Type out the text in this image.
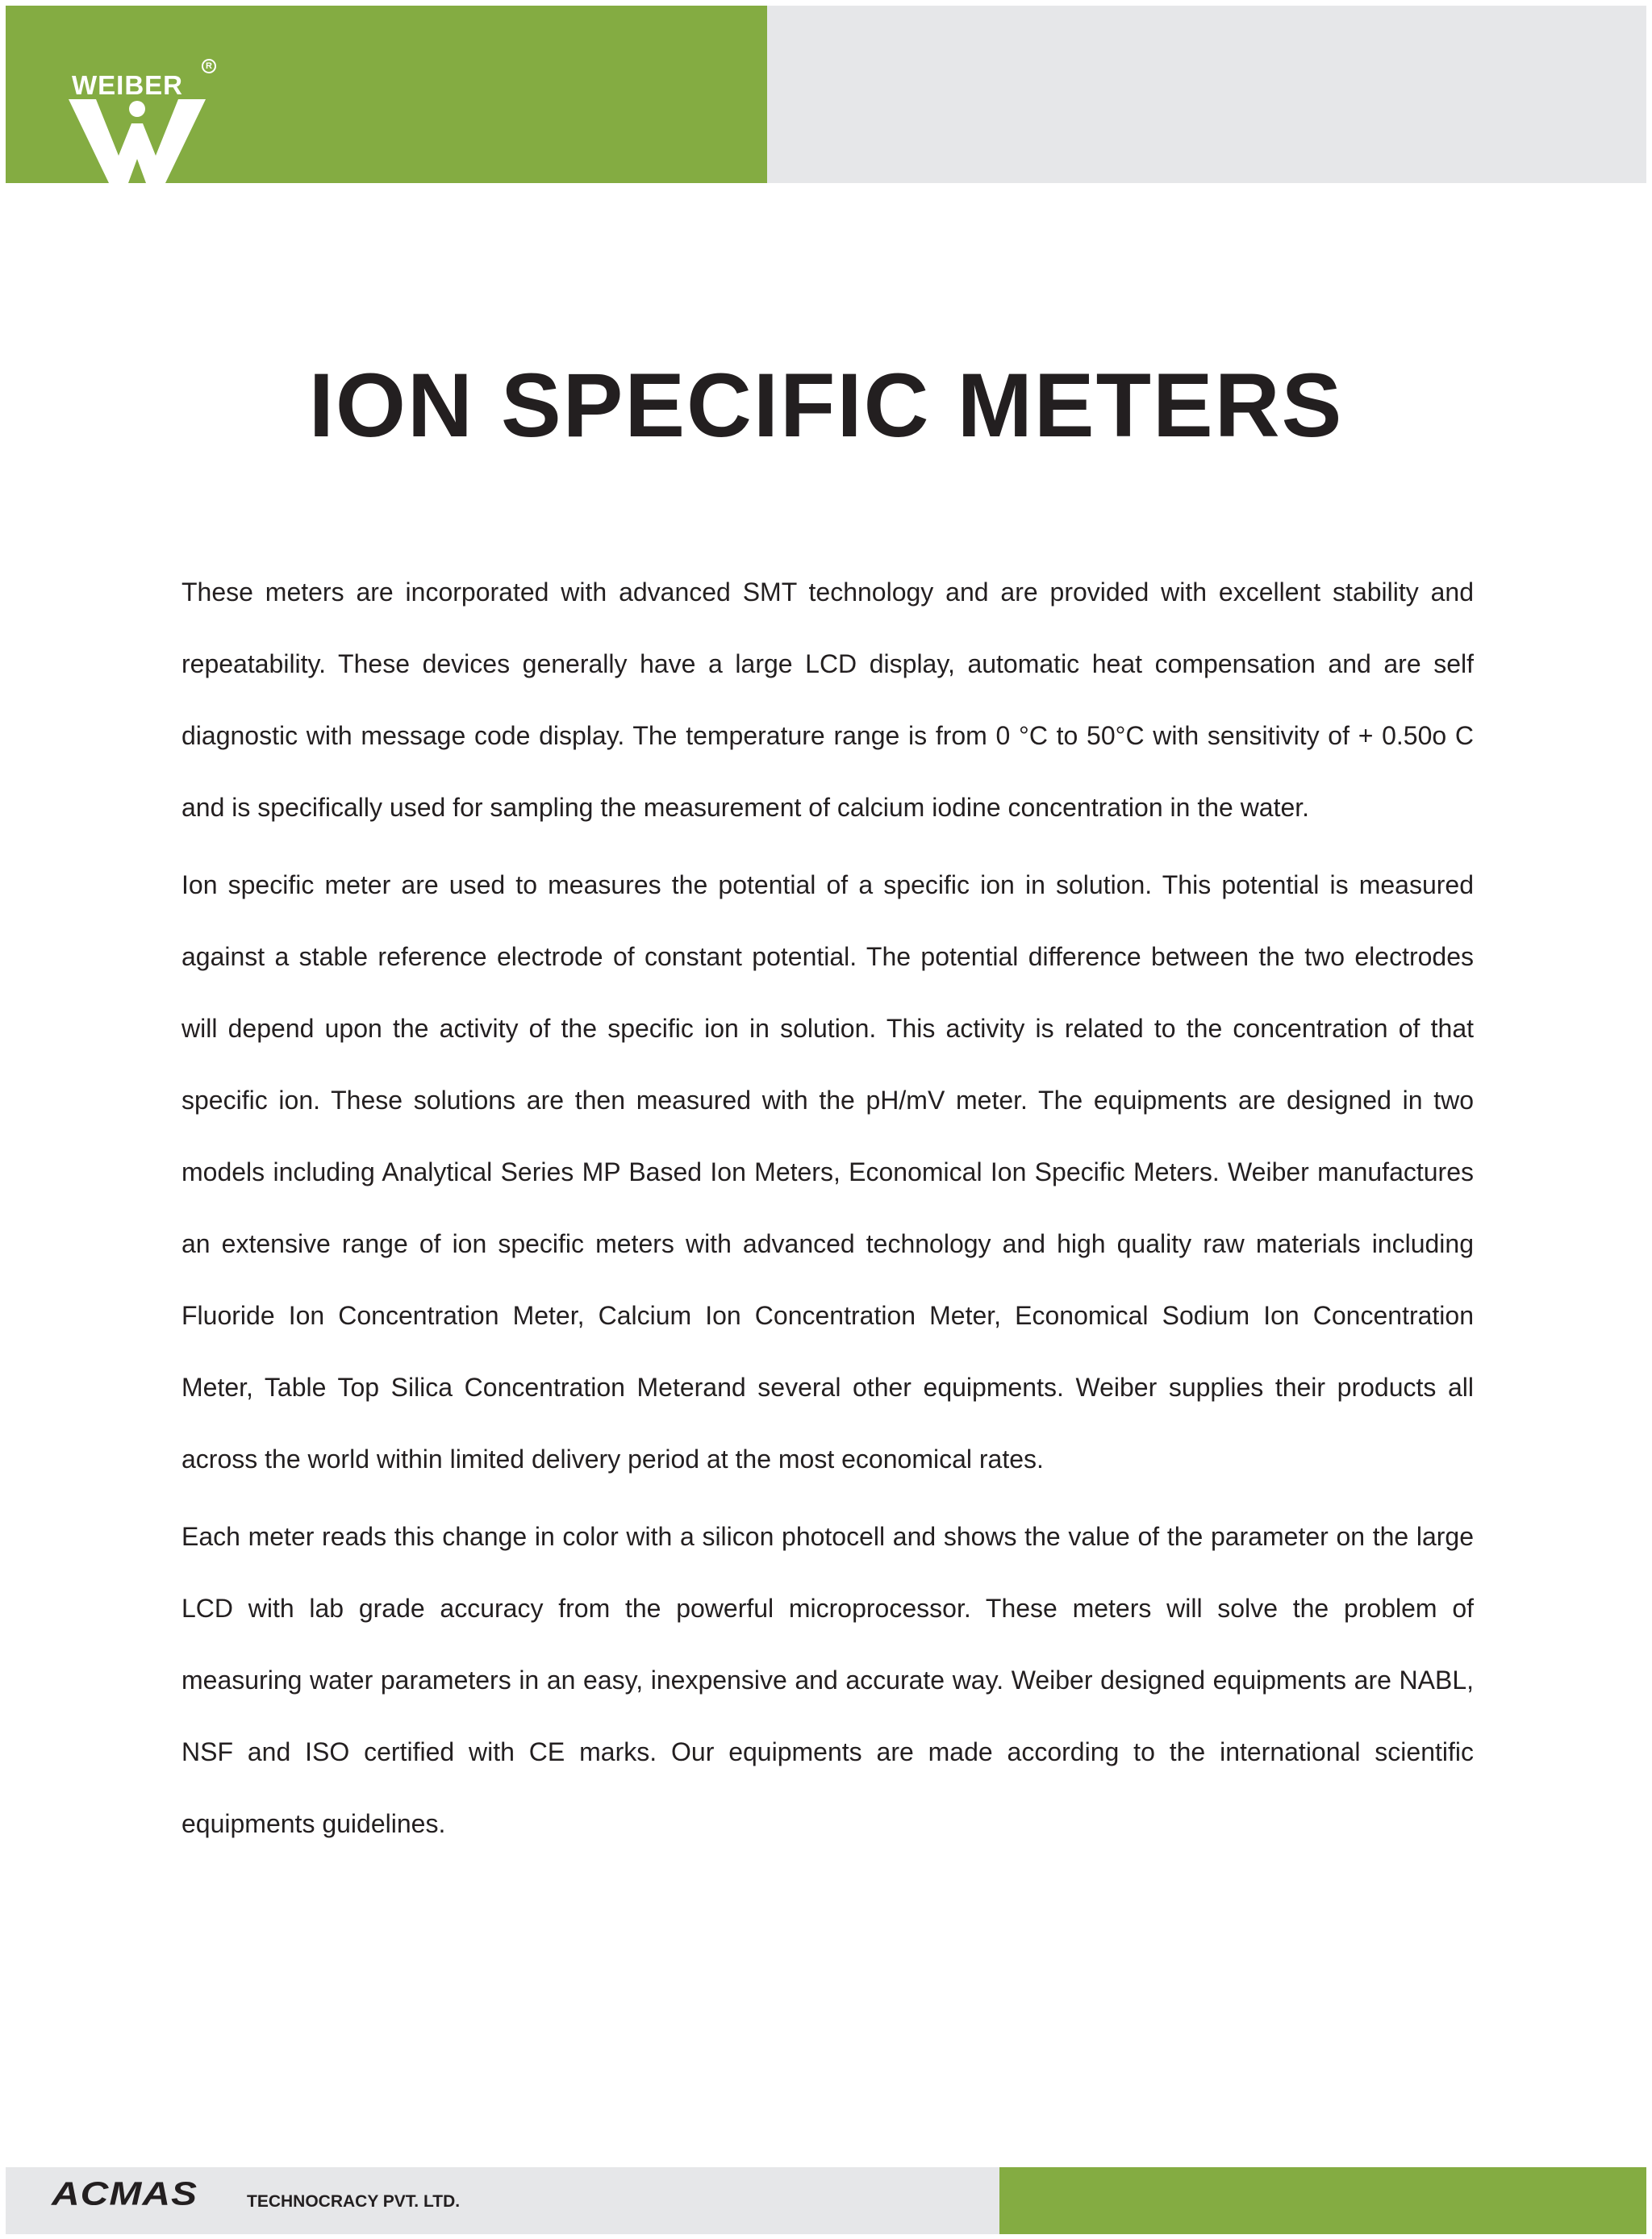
WEIBER
R
ION SPECIFIC METERS

These meters are incorporated with advanced SMT technology and are provided with excellent stability and repeatability. These devices generally have a large LCD display, automatic heat compensation and are self diagnostic with message code display. The temperature range is from 0 °C to 50°C with sensitivity of + 0.50o C and is specifically used for sampling the measurement of calcium iodine concentration in the water.

Ion specific meter are used to measures the potential of a specific ion in solution. This potential is measured against a stable reference electrode of constant potential. The potential difference between the two electrodes will depend upon the activity of the specific ion in solution. This activity is related to the concentration of that specific ion. These solutions are then measured with the pH/mV meter. The equipments are designed in two models including Analytical Series MP Based Ion Meters, Economical Ion Specific Meters. Weiber manufactures an extensive range of ion specific meters with advanced technology and high quality raw materials including Fluoride Ion Concentration Meter, Calcium Ion Concentration Meter, Economical Sodium Ion Concentration Meter, Table Top Silica Concentration Meterand several other equipments. Weiber supplies their products all across the world within limited delivery period at the most economical rates.

Each meter reads this change in color with a silicon photocell and shows the value of the parameter on the large LCD with lab grade accuracy from the powerful microprocessor. These meters will solve the problem of measuring water parameters in an easy, inexpensive and accurate way. Weiber designed equipments are NABL, NSF and ISO certified with CE marks. Our equipments are made according to the international scientific equipments guidelines.

ACMAS	TECHNOCRACY PVT. LTD.
